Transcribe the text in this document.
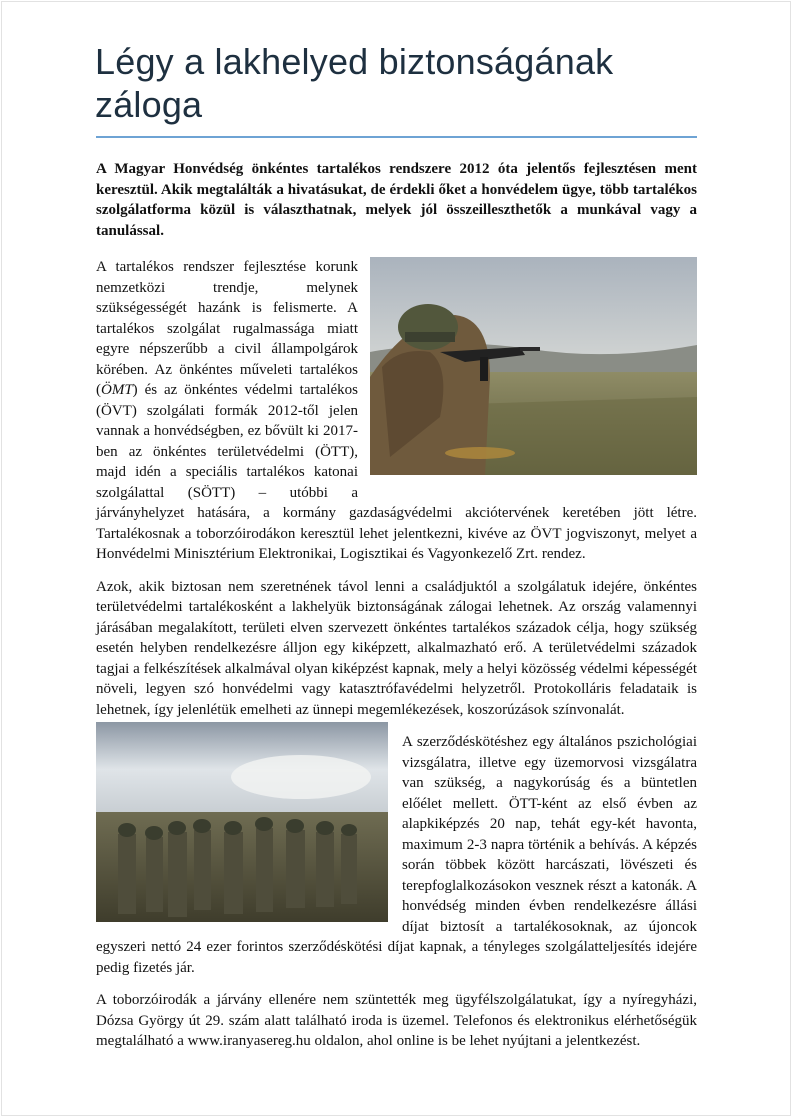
Légy a lakhelyed biztonságának záloga

A Magyar Honvédség önkéntes tartalékos rendszere 2012 óta jelentős fejlesztésen ment keresztül. Akik megtalálták a hivatásukat, de érdekli őket a honvédelem ügye, több tartalékos szolgálatforma közül is választhatnak, melyek jól összeilleszthetők a munkával vagy a tanulással.

A tartalékos rendszer fejlesztése korunk nemzetközi trendje, melynek szükségességét hazánk is felismerte. A tartalékos szolgálat rugalmassága miatt egyre népszerűbb a civil állampolgárok körében. Az önkéntes műveleti tartalékos (ÖMT) és az önkéntes védelmi tartalékos (ÖVT) szolgálati formák 2012-től jelen vannak a honvédségben, ez bővült ki 2017-ben az önkéntes területvédelmi (ÖTT), majd idén a speciális tartalékos katonai szolgálattal (SÖTT) – utóbbi a járványhelyzet hatására, a kormány gazdaságvédelmi akciótervének keretében jött létre. Tartalékosnak a toborzóirodákon keresztül lehet jelentkezni, kivéve az ÖVT jogviszonyt, melyet a Honvédelmi Minisztérium Elektronikai, Logisztikai és Vagyonkezelő Zrt. rendez.

Azok, akik biztosan nem szeretnének távol lenni a családjuktól a szolgálatuk idejére, önkéntes területvédelmi tartalékosként a lakhelyük biztonságának zálogai lehetnek. Az ország valamennyi járásában megalakított, területi elven szervezett önkéntes tartalékos századok célja, hogy szükség esetén helyben rendelkezésre álljon egy kiképzett, alkalmazható erő. A területvédelmi századok tagjai a felkészítések alkalmával olyan kiképzést kapnak, mely a helyi közösség védelmi képességét növeli, legyen szó honvédelmi vagy katasztrófavédelmi helyzetről. Protokolláris feladataik is lehetnek, így jelenlétük emelheti az ünnepi megemlékezések, koszorúzások színvonalát.

A szerződéskötéshez egy általános pszichológiai vizsgálatra, illetve egy üzemorvosi vizsgálatra van szükség, a nagykorúság és a büntetlen előélet mellett. ÖTT-ként az első évben az alapkiképzés 20 nap, tehát egy-két havonta, maximum 2-3 napra történik a behívás. A képzés során többek között harcászati, lövészeti és terepfoglalkozásokon vesznek részt a katonák. A honvédség minden évben rendelkezésre állási díjat biztosít a tartalékosoknak, az újoncok egyszeri nettó 24 ezer forintos szerződéskötési díjat kapnak, a tényleges szolgálatteljesítés idejére pedig fizetés jár.

A toborzóirodák a járvány ellenére nem szüntették meg ügyfélszolgálatukat, így a nyíregyházi, Dózsa György út 29. szám alatt található iroda is üzemel. Telefonos és elektronikus elérhetőségük megtalálható a www.iranyasereg.hu oldalon, ahol online is be lehet nyújtani a jelentkezést.
